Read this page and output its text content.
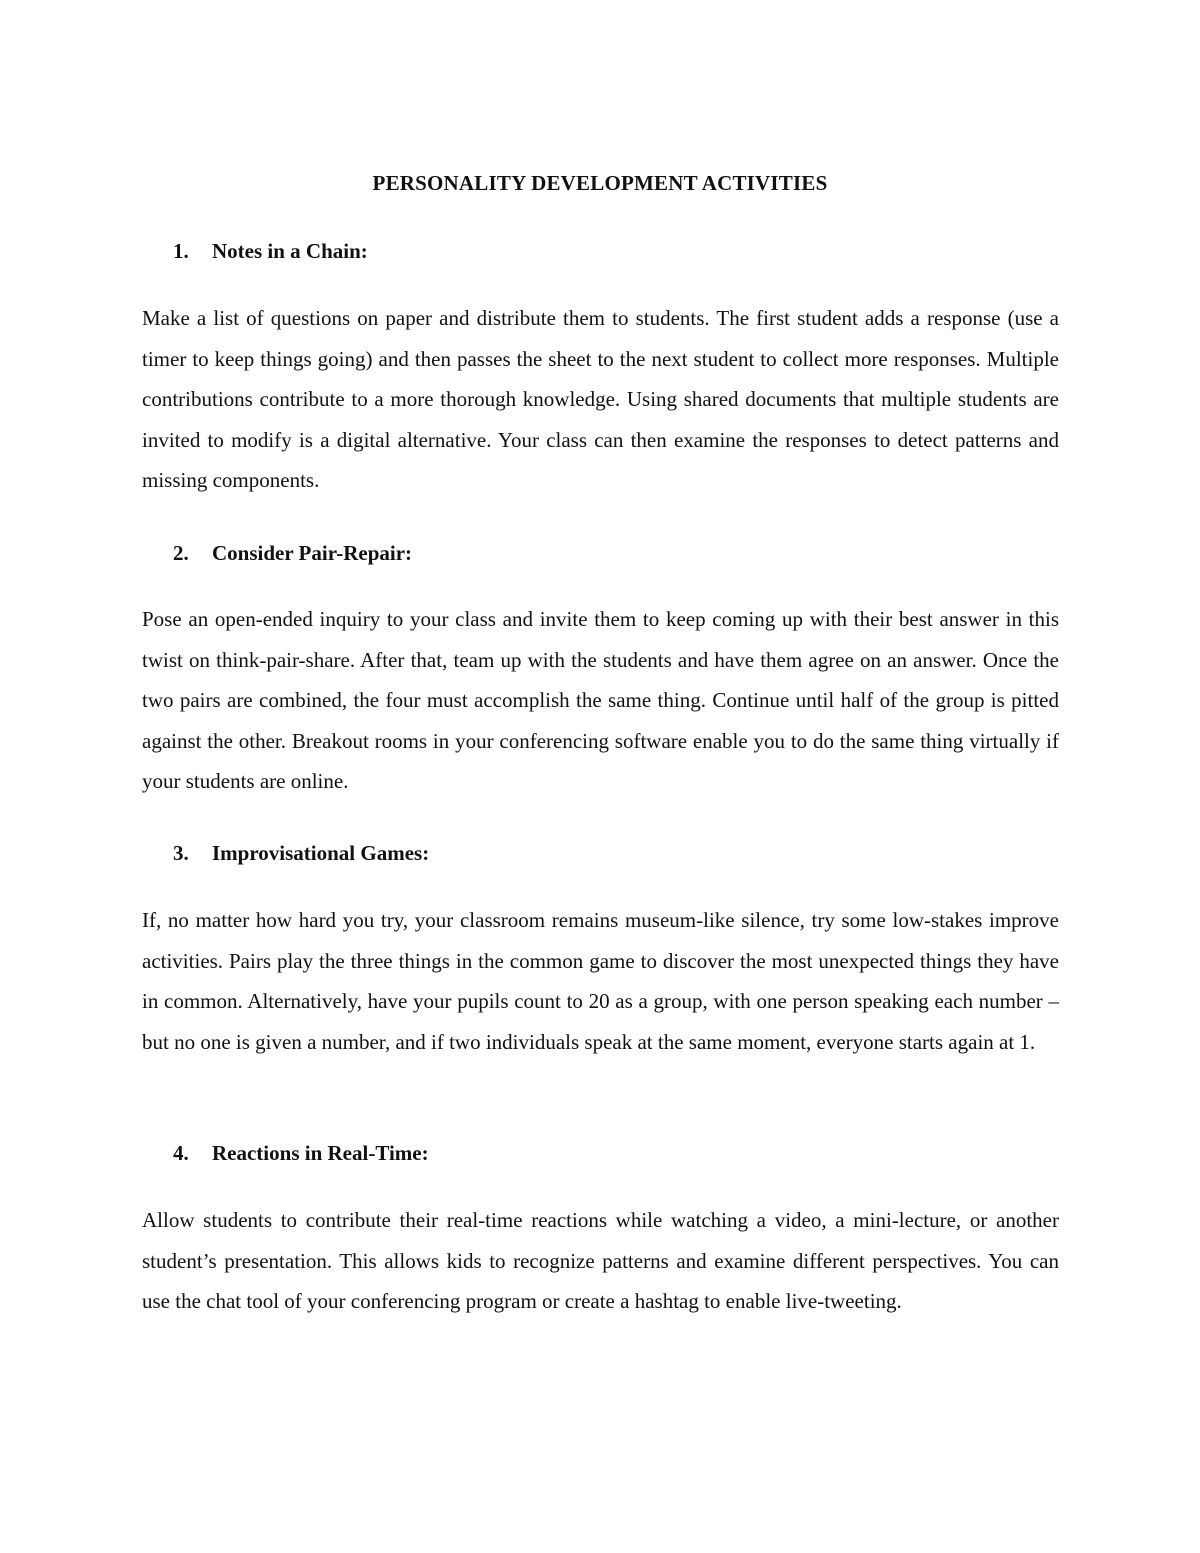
PERSONALITY DEVELOPMENT ACTIVITIES
1. Notes in a Chain:

Make a list of questions on paper and distribute them to students. The first student adds a response (use a timer to keep things going) and then passes the sheet to the next student to collect more responses. Multiple contributions contribute to a more thorough knowledge. Using shared documents that multiple students are invited to modify is a digital alternative. Your class can then examine the responses to detect patterns and missing components.

2. Consider Pair-Repair:

Pose an open-ended inquiry to your class and invite them to keep coming up with their best answer in this twist on think-pair-share. After that, team up with the students and have them agree on an answer. Once the two pairs are combined, the four must accomplish the same thing. Continue until half of the group is pitted against the other. Breakout rooms in your conferencing software enable you to do the same thing virtually if your students are online.

3. Improvisational Games:

If, no matter how hard you try, your classroom remains museum-like silence, try some low-stakes improve activities. Pairs play the three things in the common game to discover the most unexpected things they have in common. Alternatively, have your pupils count to 20 as a group, with one person speaking each number – but no one is given a number, and if two individuals speak at the same moment, everyone starts again at 1.

4. Reactions in Real-Time:

Allow students to contribute their real-time reactions while watching a video, a mini-lecture, or another student’s presentation. This allows kids to recognize patterns and examine different perspectives. You can use the chat tool of your conferencing program or create a hashtag to enable live-tweeting.
